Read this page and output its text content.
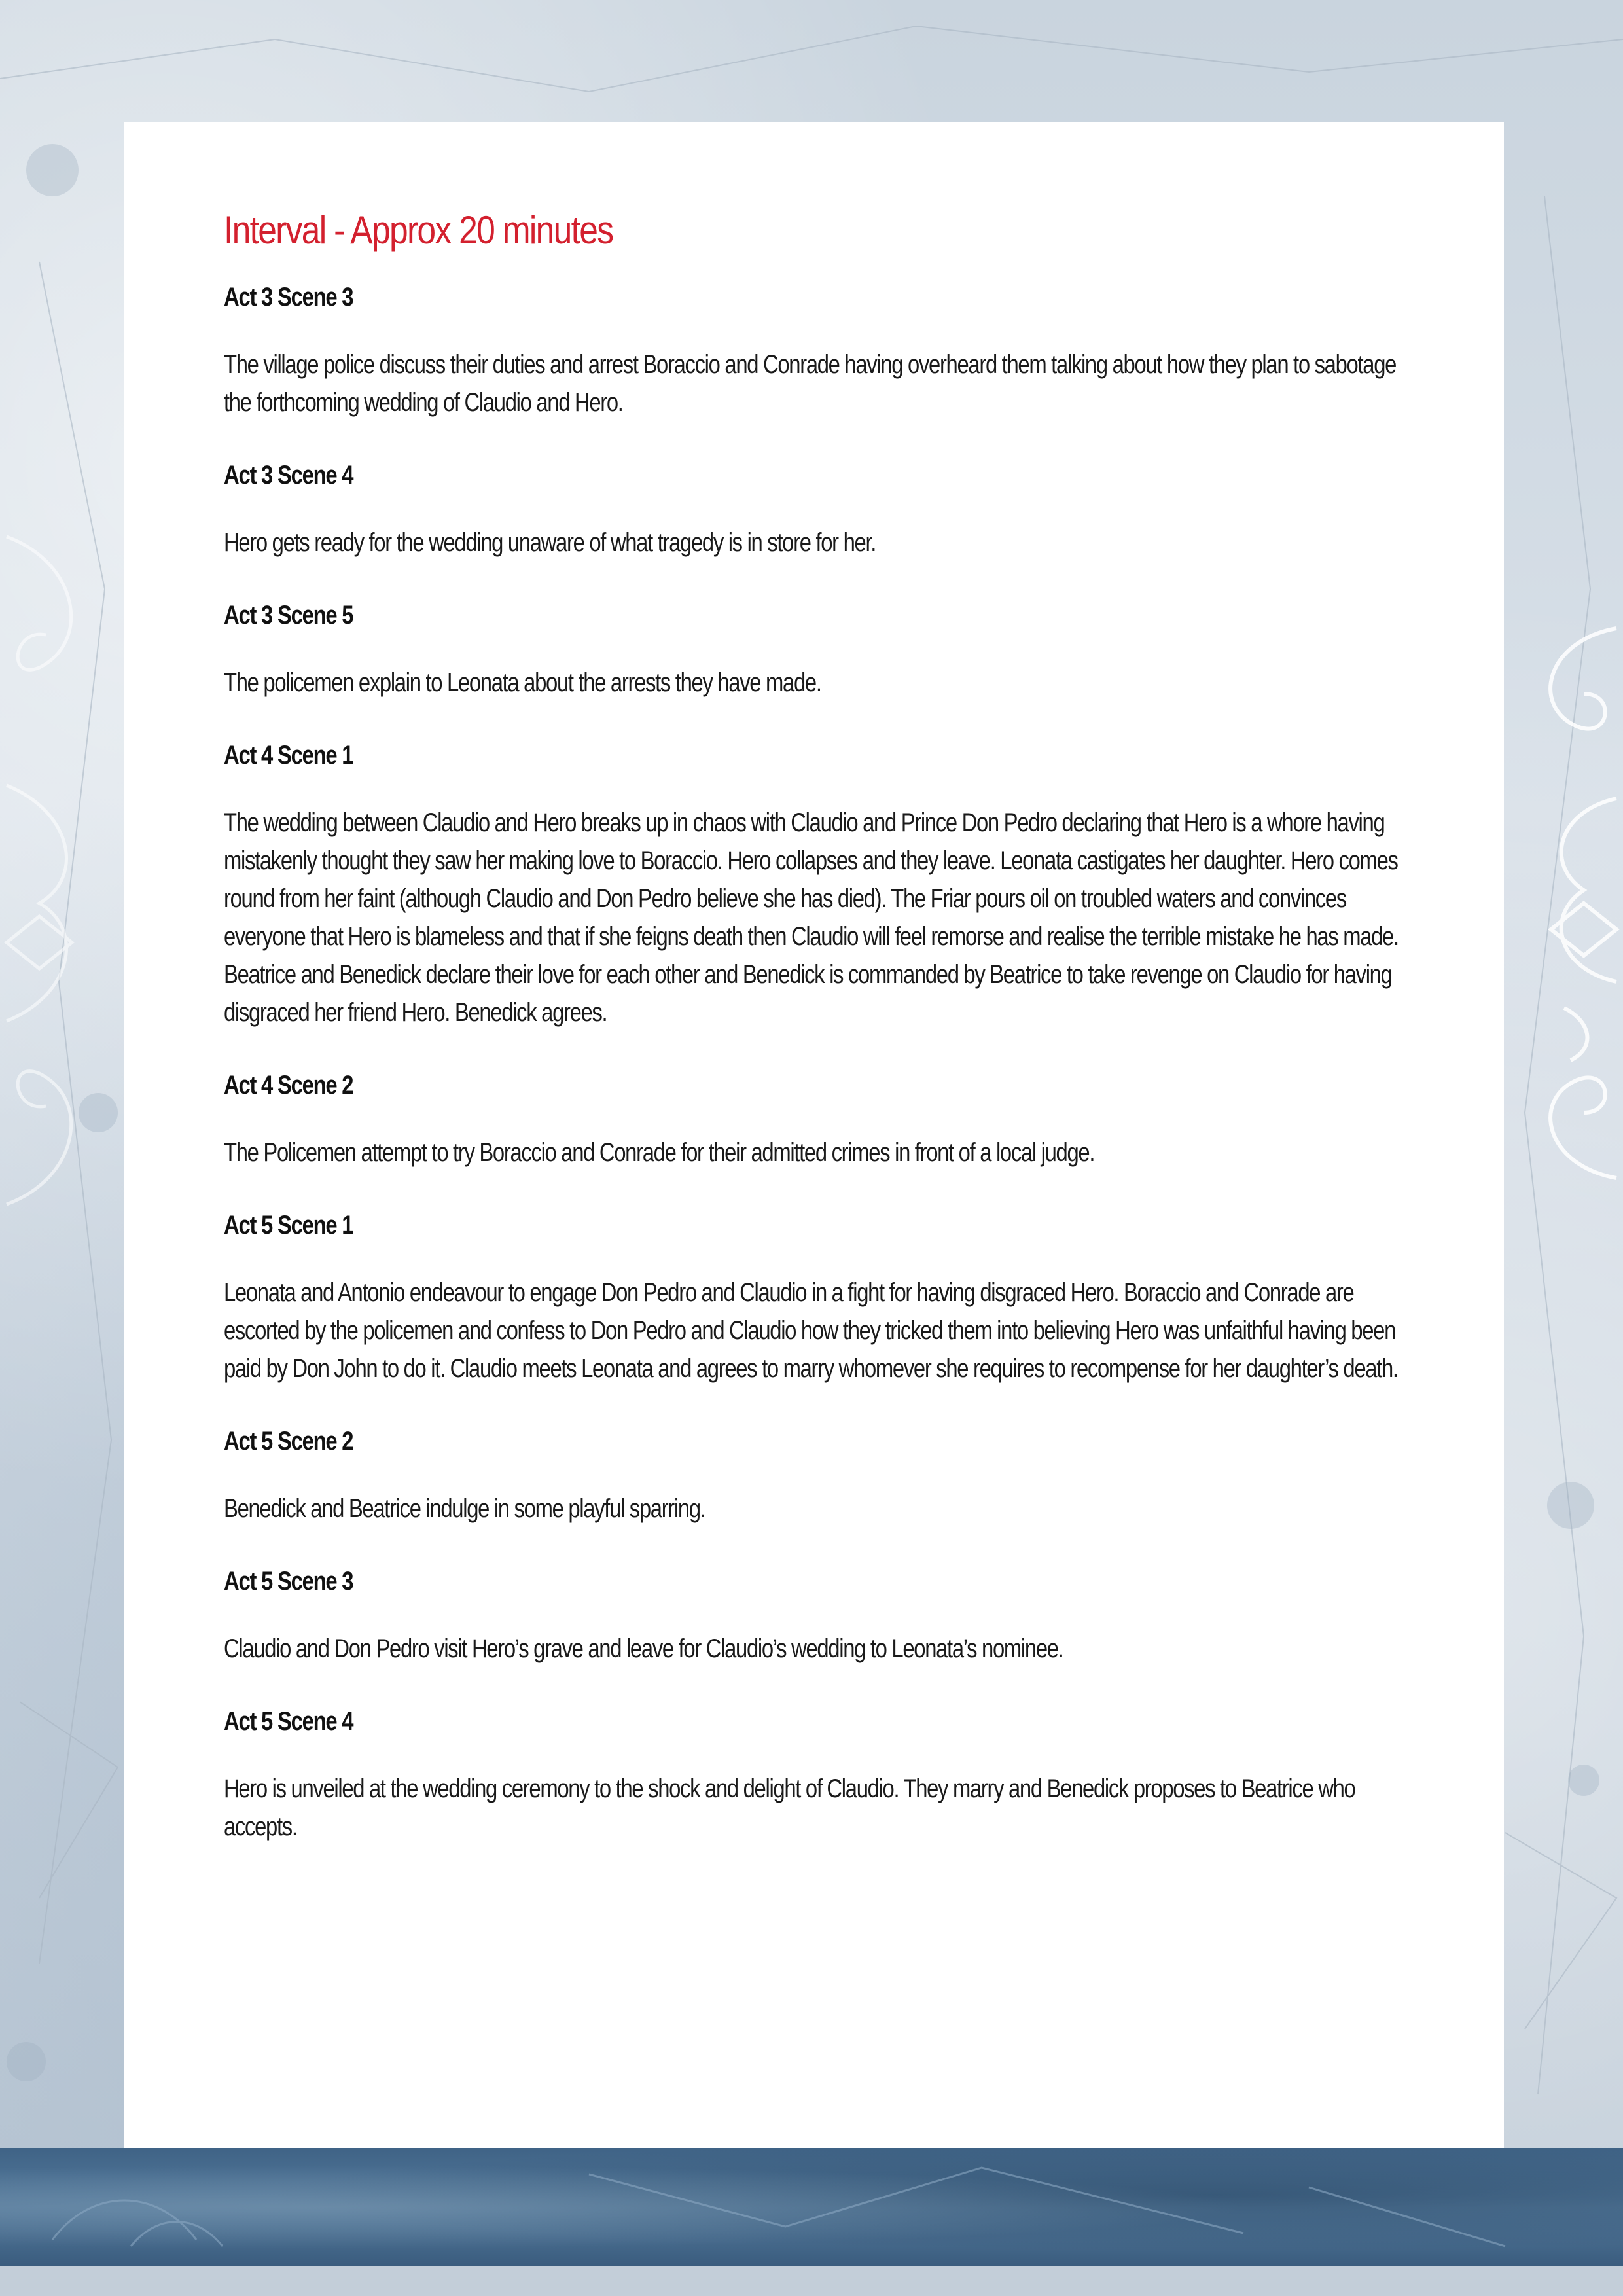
Interval - Approx 20 minutes
Act 3 Scene 3

The village police discuss their duties and arrest Boraccio and Conrade having overheard them talking about how they plan to sabotage the forthcoming wedding of Claudio and Hero.

Act 3 Scene 4

Hero gets ready for the wedding unaware of what tragedy is in store for her.

Act 3 Scene 5

The policemen explain to Leonata about the arrests they have made.

Act 4 Scene 1

The wedding between Claudio and Hero breaks up in chaos with Claudio and Prince Don Pedro declaring that Hero is a whore having mistakenly thought they saw her making love to Boraccio. Hero collapses and they leave. Leonata castigates her daughter. Hero comes round from her faint (although Claudio and Don Pedro believe she has died). The Friar pours oil on troubled waters and convinces everyone that Hero is blameless and that if she feigns death then Claudio will feel remorse and realise the terrible mistake he has made. Beatrice and Benedick declare their love for each other and Benedick is commanded by Beatrice to take revenge on Claudio for having disgraced her friend Hero. Benedick agrees.

Act 4 Scene 2

The Policemen attempt to try Boraccio and Conrade for their admitted crimes in front of a local judge.

Act 5 Scene 1

Leonata and Antonio endeavour to engage Don Pedro and Claudio in a fight for having disgraced Hero. Boraccio and Conrade are escorted by the policemen and confess to Don Pedro and Claudio how they tricked them into believing Hero was unfaithful having been paid by Don John to do it. Claudio meets Leonata and agrees to marry whomever she requires to recompense for her daughter’s death.

Act 5 Scene 2

Benedick and Beatrice indulge in some playful sparring.

Act 5 Scene 3

Claudio and Don Pedro visit Hero’s grave and leave for Claudio’s wedding to Leonata’s nominee.

Act 5 Scene 4

Hero is unveiled at the wedding ceremony to the shock and delight of Claudio. They marry and Benedick proposes to Beatrice who accepts.
